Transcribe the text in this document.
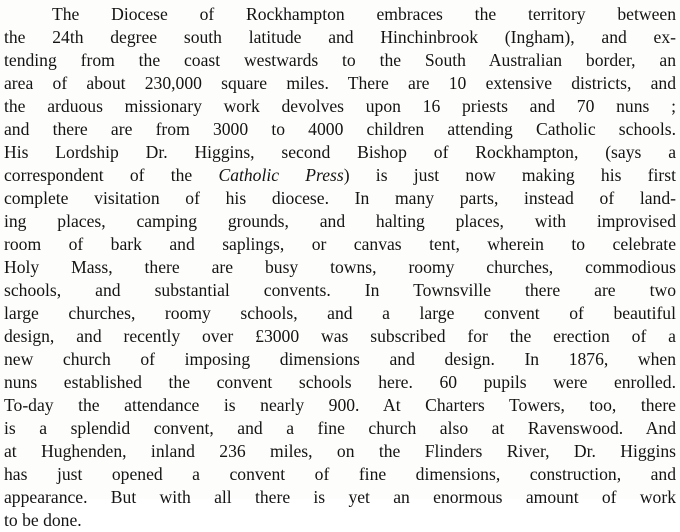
The Diocese of Rockhampton embraces the territory between
the 24th degree south latitude and Hinchinbrook (Ingham), and ex-
tending from the coast westwards to the South Australian border, an
area of about 230,000 square miles. There are 10 extensive districts, and
the arduous missionary work devolves upon 16 priests and 70 nuns ;
and there are from 3000 to 4000 children attending Catholic schools.
His Lordship Dr. Higgins, second Bishop of Rockhampton, (says a
correspondent of the Catholic Press) is just now making his first
complete visitation of his diocese. In many parts, instead of land-
ing places, camping grounds, and halting places, with improvised
room of bark and saplings, or canvas tent, wherein to celebrate
Holy Mass, there are busy towns, roomy churches, commodious
schools, and substantial convents. In Townsville there are two
large churches, roomy schools, and a large convent of beautiful
design, and recently over £3000 was subscribed for the erection of a
new church of imposing dimensions and design. In 1876, when
nuns established the convent schools here. 60 pupils were enrolled.
To-day the attendance is nearly 900. At Charters Towers, too, there
is a splendid convent, and a fine church also at Ravenswood. And
at Hughenden, inland 236 miles, on the Flinders River, Dr. Higgins
has just opened a convent of fine dimensions, construction, and
appearance. But with all there is yet an enormous amount of work
to be done.
